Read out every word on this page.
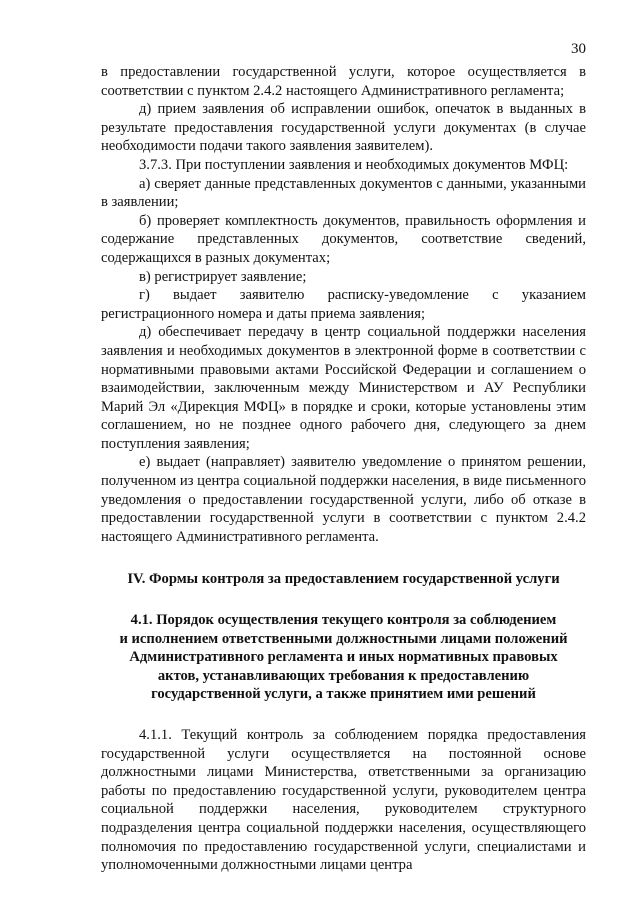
30

в предоставлении государственной услуги, которое осуществляется в соответствии с пунктом 2.4.2 настоящего Административного регламента;

д) прием заявления об исправлении ошибок, опечаток в выданных в результате предоставления государственной услуги документах (в случае необходимости подачи такого заявления заявителем).

3.7.3. При поступлении заявления и необходимых документов МФЦ:

а) сверяет данные представленных документов с данными, указанными в заявлении;

б) проверяет комплектность документов, правильность оформления и содержание представленных документов, соответствие сведений, содержащихся в разных документах;

в) регистрирует заявление;

г) выдает заявителю расписку-уведомление с указанием регистрационного номера и даты приема заявления;

д) обеспечивает передачу в центр социальной поддержки населения заявления и необходимых документов в электронной форме в соответствии с нормативными правовыми актами Российской Федерации и соглашением о взаимодействии, заключенным между Министерством и АУ Республики Марий Эл «Дирекция МФЦ» в порядке и сроки, которые установлены этим соглашением, но не позднее одного рабочего дня, следующего за днем поступления заявления;

е) выдает (направляет) заявителю уведомление о принятом решении, полученном из центра социальной поддержки населения, в виде письменного уведомления о предоставлении государственной услуги, либо об отказе в предоставлении государственной услуги в соответствии с пунктом 2.4.2 настоящего Административного регламента.

IV. Формы контроля за предоставлением государственной услуги

4.1. Порядок осуществления текущего контроля за соблюдением

и исполнением ответственными должностными лицами положений

Административного регламента и иных нормативных правовых

актов, устанавливающих требования к предоставлению

государственной услуги, а также принятием ими решений

4.1.1. Текущий контроль за соблюдением порядка предоставления государственной услуги осуществляется на постоянной основе должностными лицами Министерства, ответственными за организацию работы по предоставлению государственной услуги, руководителем центра социальной поддержки населения, руководителем структурного подразделения центра социальной поддержки населения, осуществляющего полномочия по предоставлению государственной услуги, специалистами и уполномоченными должностными лицами центра
